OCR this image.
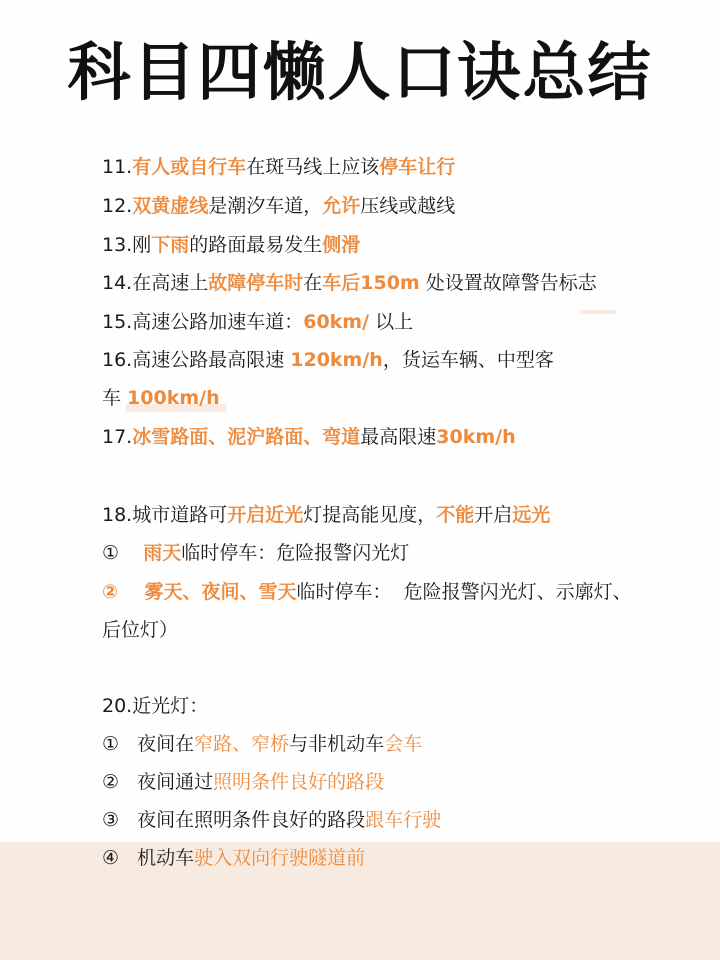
科目四懒人口诀总结
11.有人或自行车在斑马线上应该停车让行
12.双黄虚线是潮汐车道，允许压线或越线
13.刚下雨的路面最易发生侧滑
14.在高速上故障停车时在车后150m 处设置故障警告标志
15.高速公路加速车道：60km/ 以上
16.高速公路最高限速 120km/h，货运车辆、中型客
车 100km/h
17.冰雪路面、泥沪路面、弯道最高限速30km/h
18.城市道路可开启近光灯提高能见度，不能开启远光
①    雨天临时停车：危险报警闪光灯
②    雾天、夜间、雪天临时停车：  危险报警闪光灯、示廓灯、
后位灯）
20.近光灯：
①   夜间在窄路、窄桥与非机动车会车
②   夜间通过照明条件良好的路段
③   夜间在照明条件良好的路段跟车行驶
④   机动车驶入双向行驶隧道前
